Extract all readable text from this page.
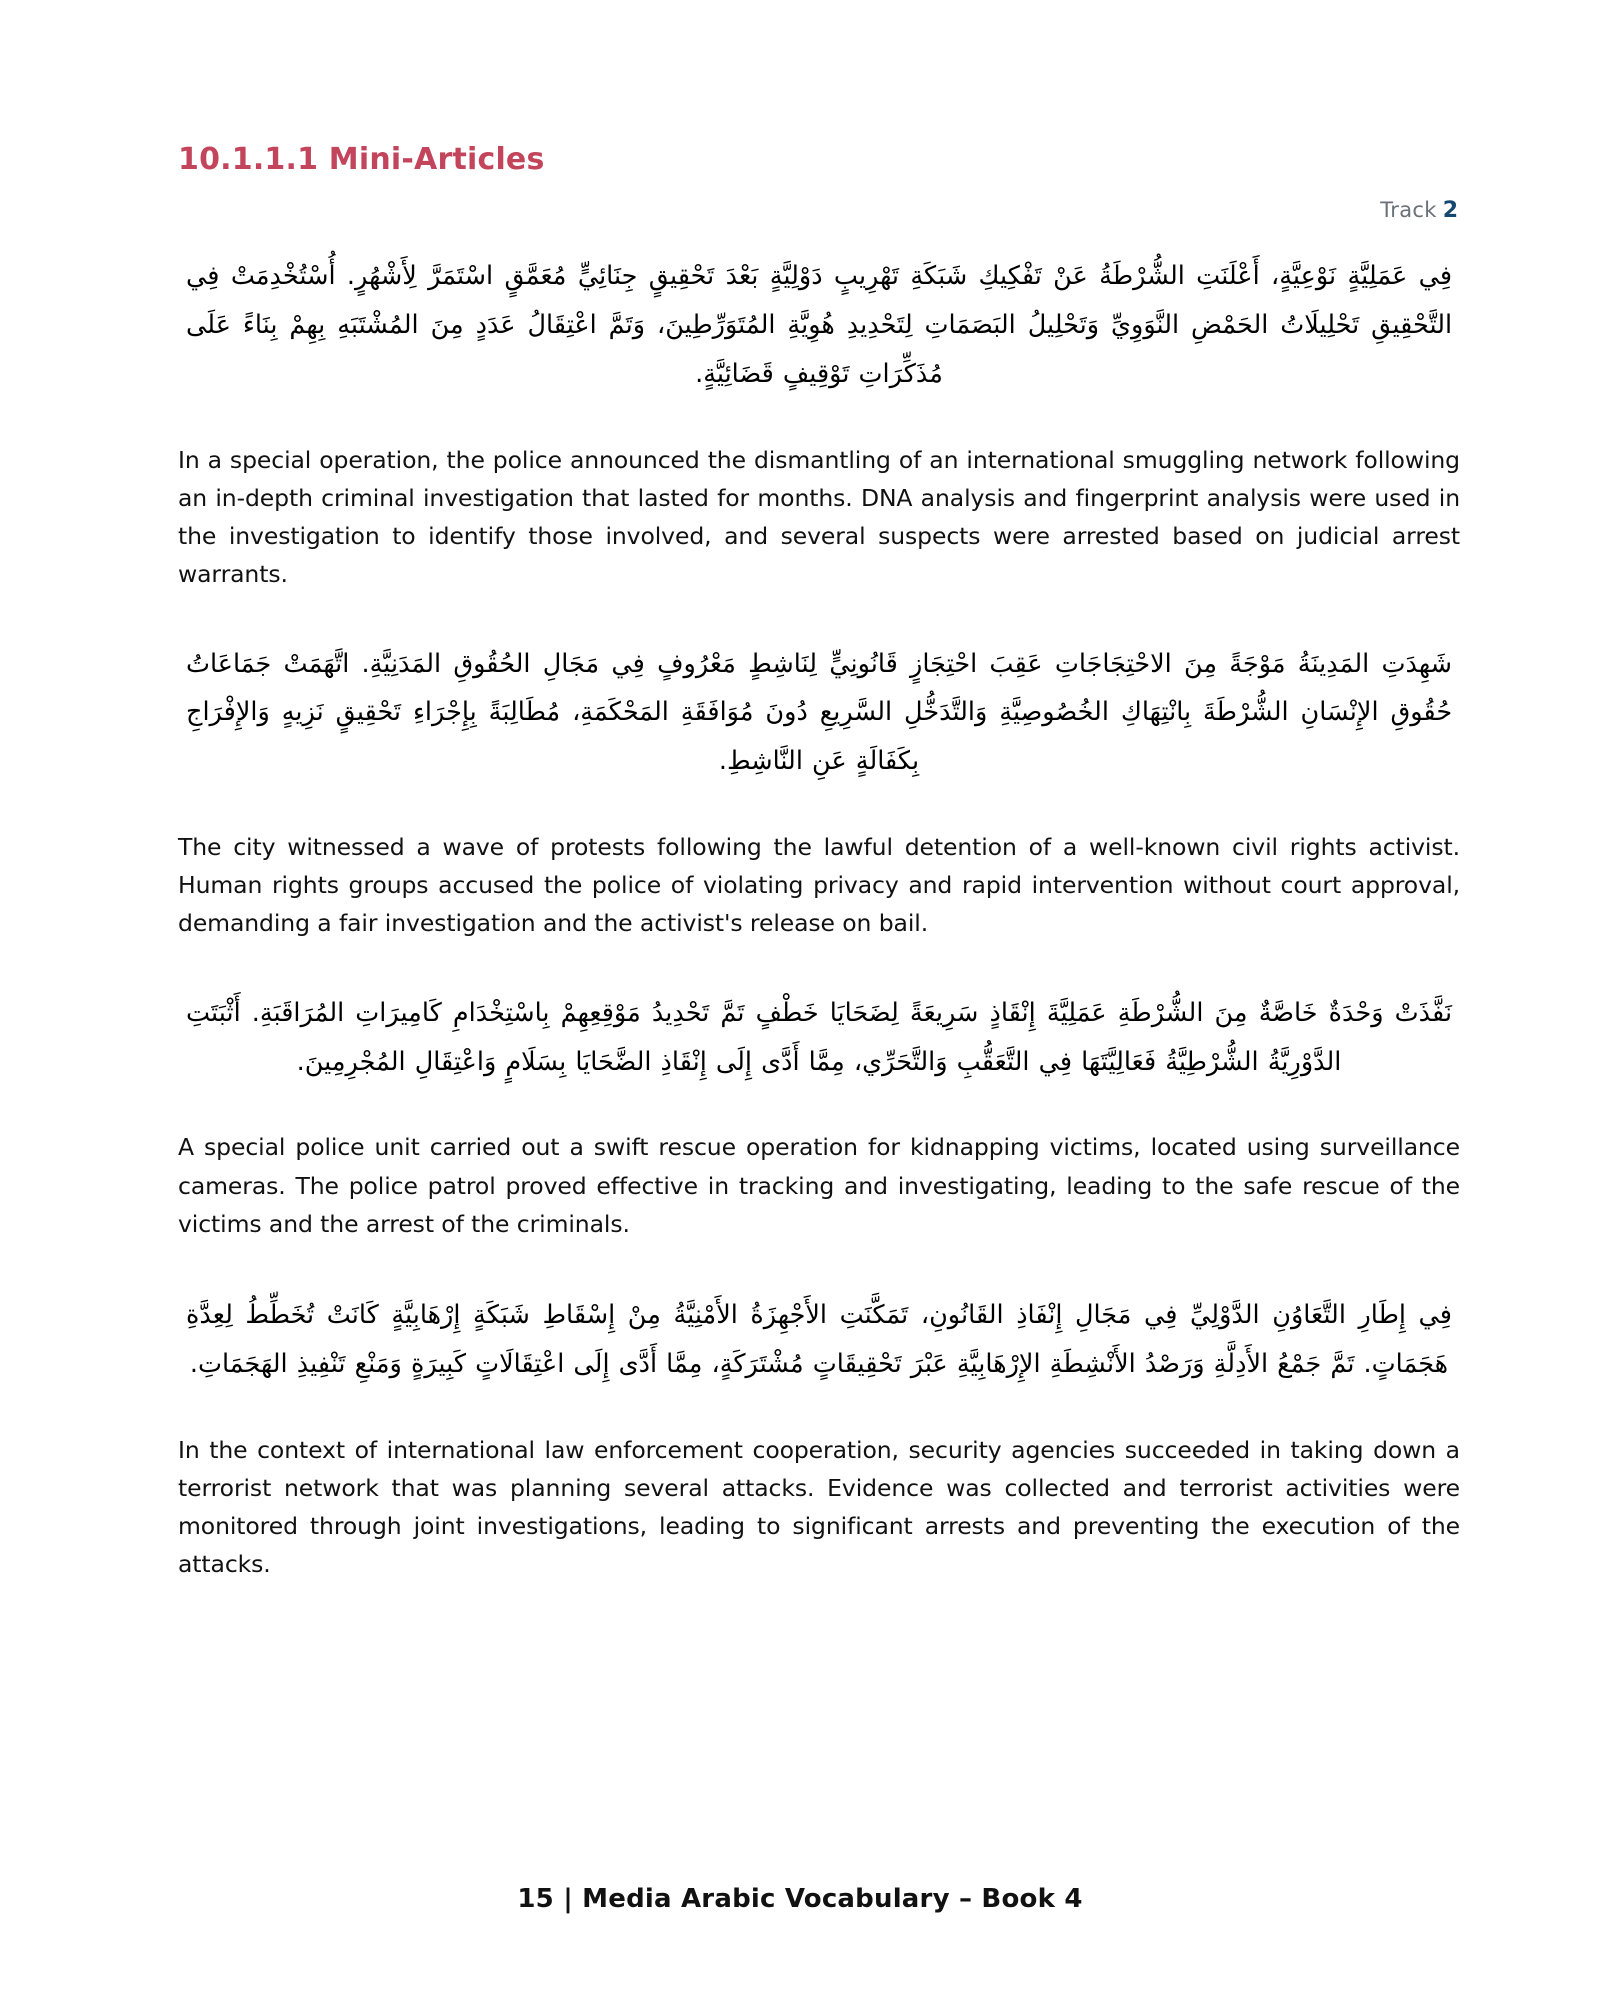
10.1.1.1 Mini-Articles
Track 2

في عملية نوعية، أعلنت الشرطة عن تفكيك شبكة تهريب دولية بعد تحقيق جنائي معمق استمر لشهر. أستخدمت في التحقيق تحليلات الحمض النووي وتحليل البصمات لتحديد هوية المتورطين، وتم اعتقال عدد من المشتبه بهم بناء على مذكرات توقيف قضائية.

In a special operation, the police announced the dismantling of an international smuggling network following an in-depth criminal investigation that lasted for months. DNA analysis and fingerprint analysis were used in the investigation to identify those involved, and several suspects were arrested based on judicial arrest warrants.

شهدت المدينة موجة من الاحتجاجات عقب احتجاز قانوني لناشط معروف في مجال الحقوق المدنية. اتهمت جماعات حقوق الإنسان الشرطة بانتهاك الخصوصية والتدخل السريع دون موافقة المحكمة، مطالبة بإجراء تحقيق نزيه والإفراج بكفالة عن الناشط.

The city witnessed a wave of protests following the lawful detention of a well-known civil rights activist. Human rights groups accused the police of violating privacy and rapid intervention without court approval, demanding a fair investigation and the activist's release on bail.

نفذت وحدة خاصة من الشرطة عملية إنقاذ سريعة لضحايا خطف تم تحديد موقعهم باستخدام كاميرات المراقبة. أثبتت الدورية الشرطية فعاليتها في التعقب والتحري، مما أدى إلى إنقاذ الضحايا بسلام واعتقال المجرمين.

A special police unit carried out a swift rescue operation for kidnapping victims, located using surveillance cameras. The police patrol proved effective in tracking and investigating, leading to the safe rescue of the victims and the arrest of the criminals.

في إطار التعاون الدولي في مجال إنفاذ القانون، تمكنت الأجهزة الأمنية من إسقاط شبكة إرهابية كانت تخطط لعدة هجمات. تم جمع الأدلة ورصد الأنشطة الإرهابية عبر تحقيقات مشتركة، مما أدى إلى اعتقالات كبيرة ومنع تنفيذ الهجمات.

In the context of international law enforcement cooperation, security agencies succeeded in taking down a terrorist network that was planning several attacks. Evidence was collected and terrorist activities were monitored through joint investigations, leading to significant arrests and preventing the execution of the attacks.

15 | Media Arabic Vocabulary – Book 4
